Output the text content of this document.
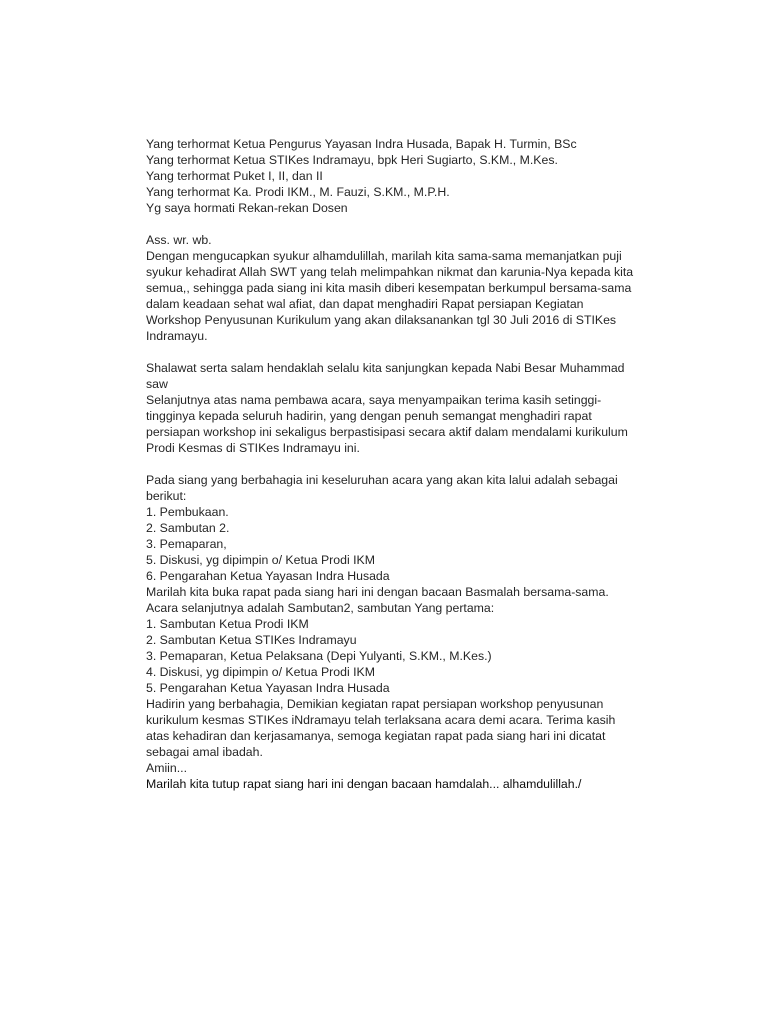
Yang terhormat Ketua Pengurus Yayasan Indra Husada, Bapak H. Turmin, BSc
Yang terhormat Ketua STIKes Indramayu, bpk Heri Sugiarto, S.KM., M.Kes.
Yang terhormat Puket I, II, dan II
Yang terhormat Ka. Prodi IKM., M. Fauzi, S.KM., M.P.H.
Yg saya hormati Rekan-rekan Dosen
Ass. wr. wb.
Dengan mengucapkan syukur alhamdulillah, marilah kita sama-sama memanjatkan puji
syukur kehadirat Allah SWT yang telah melimpahkan nikmat dan karunia-Nya kepada kita
semua,, sehingga pada siang ini kita masih diberi kesempatan berkumpul bersama-sama
dalam keadaan sehat wal afiat, dan dapat menghadiri Rapat persiapan Kegiatan
Workshop Penyusunan Kurikulum yang akan dilaksanankan tgl 30 Juli 2016 di STIKes
Indramayu.
Shalawat serta salam hendaklah selalu kita sanjungkan kepada Nabi Besar Muhammad
saw
Selanjutnya atas nama pembawa acara, saya menyampaikan terima kasih setinggi-
tingginya kepada seluruh hadirin, yang dengan penuh semangat menghadiri rapat
persiapan workshop ini sekaligus berpastisipasi secara aktif dalam mendalami kurikulum
Prodi Kesmas di STIKes Indramayu ini.
Pada siang yang berbahagia ini keseluruhan acara yang akan kita lalui adalah sebagai
berikut:
1. Pembukaan.
2. Sambutan 2.
3. Pemaparan,
5. Diskusi, yg dipimpin o/ Ketua Prodi IKM
6. Pengarahan Ketua Yayasan Indra Husada
Marilah kita buka rapat pada siang hari ini dengan bacaan Basmalah bersama-sama.
Acara selanjutnya adalah Sambutan2, sambutan Yang pertama:
1. Sambutan Ketua Prodi IKM
2. Sambutan Ketua STIKes Indramayu
3. Pemaparan, Ketua Pelaksana (Depi Yulyanti, S.KM., M.Kes.)
4. Diskusi, yg dipimpin o/ Ketua Prodi IKM
5. Pengarahan Ketua Yayasan Indra Husada
Hadirin yang berbahagia, Demikian kegiatan rapat persiapan workshop penyusunan
kurikulum kesmas STIKes iNdramayu telah terlaksana acara demi acara. Terima kasih
atas kehadiran dan kerjasamanya, semoga kegiatan rapat pada siang hari ini dicatat
sebagai amal ibadah.
Amiin...
Marilah kita tutup rapat siang hari ini dengan bacaan hamdalah... alhamdulillah./
